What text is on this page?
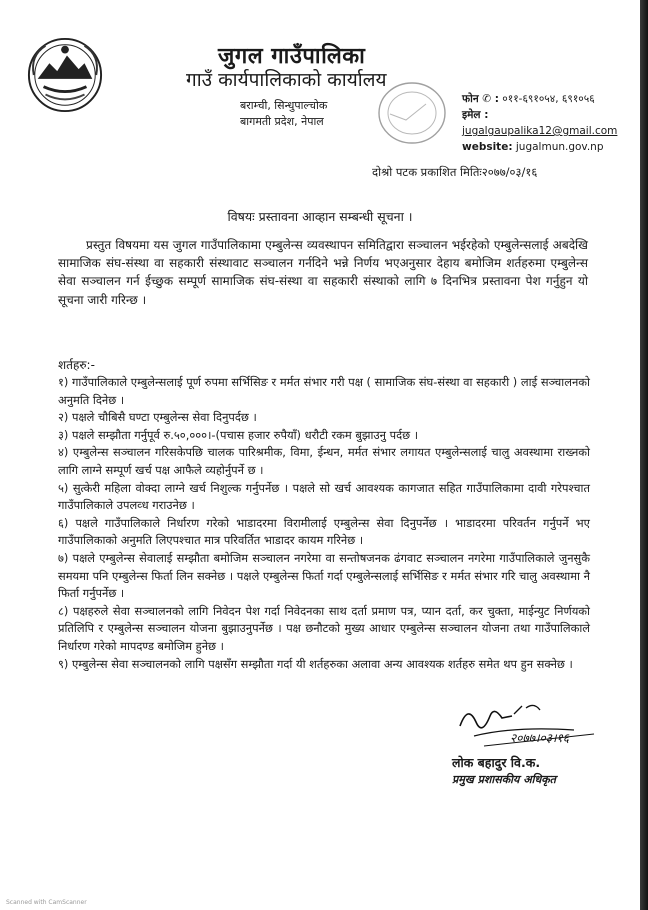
जुगल गाउँपालिका
गाउँ कार्यपालिकाको कार्यालय
बराम्ची, सिन्धुपाल्चोक
बागमती प्रदेश, नेपाल
फोन ✆ : ०११-६९१०५४, ६९१०५६
इमेल : jugalgaupalika12@gmail.com
website: jugalmun.gov.np
दोश्रो पटक प्रकाशित मितिः२०७७/०३/१६
विषयः प्रस्तावना आव्हान सम्बन्धी सूचना ।

प्रस्तुत विषयमा यस जुगल गाउँपालिकामा एम्बुलेन्स व्यवस्थापन समितिद्वारा सञ्चालन भईरहेको एम्बुलेन्सलाई अबदेखि सामाजिक संघ-संस्था वा सहकारी संस्थावाट सञ्चालन गर्नदिने भन्ने निर्णय भएअनुसार देहाय बमोजिम शर्तहरुमा एम्बुलेन्स सेवा सञ्चालन गर्न ईच्छुक सम्पूर्ण सामाजिक संघ-संस्था वा सहकारी संस्थाको लागि ७ दिनभित्र प्रस्तावना पेश गर्नुहुन यो सूचना जारी गरिन्छ ।

शर्तहरु:-

१) गाउँपालिकाले एम्बुलेन्सलाई पूर्ण रुपमा सर्भिसिङ र मर्मत संभार गरी पक्ष ( सामाजिक संघ-संस्था वा सहकारी ) लाई सञ्चालनको अनुमति दिनेछ ।

२) पक्षले चौबिसै घण्टा एम्बुलेन्स सेवा दिनुपर्दछ ।

३) पक्षले सम्झौता गर्नुपूर्व रु.५०,०००।-(पचास हजार रुपैयाँ) धरौटी रकम बुझाउनु पर्दछ ।

४) एम्बुलेन्स सञ्चालन गरिसकेपछि चालक पारिश्रमीक, विमा, ईन्धन, मर्मत संभार लगायत एम्बुलेन्सलाई चालु अवस्थामा राख्नको लागि लाग्ने सम्पूर्ण खर्च पक्ष आफैले व्यहोर्नुपर्ने छ ।

५) सुत्केरी महिला वोक्दा लाग्ने खर्च निशुल्क गर्नुपर्नेछ । पक्षले सो खर्च आवश्यक कागजात सहित गाउँपालिकामा दावी गरेपश्चात गाउँपालिकाले उपलव्ध गराउनेछ ।

६) पक्षले गाउँपालिकाले निर्धारण गरेको भाडादरमा विरामीलाई एम्बुलेन्स सेवा दिनुपर्नेछ । भाडादरमा परिवर्तन गर्नुपर्ने भए गाउँपालिकाको अनुमति लिएपश्चात मात्र परिवर्तित भाडादर कायम गरिनेछ ।

७) पक्षले एम्बुलेन्स सेवालाई सम्झौता बमोजिम सञ्चालन नगरेमा वा सन्तोषजनक ढंगवाट सञ्चालन नगरेमा गाउँपालिकाले जुनसुकै समयमा पनि एम्बुलेन्स फिर्ता लिन सक्नेछ । पक्षले एम्बुलेन्स फिर्ता गर्दा एम्बुलेन्सलाई सर्भिसिङ र मर्मत संभार गरि चालु अवस्थामा नै फिर्ता गर्नुपर्नेछ ।

८) पक्षहरुले सेवा सञ्चालनको लागि निवेदन पेश गर्दा निवेदनका साथ दर्ता प्रमाण पत्र, प्यान दर्ता, कर चुक्ता, माईन्युट निर्णयको प्रतिलिपि र एम्बुलेन्स सञ्चालन योजना बुझाउनुपर्नेछ । पक्ष छनौटको मुख्य आधार एम्बुलेन्स सञ्चालन योजना तथा गाउँपालिकाले निर्धारण गरेको मापदण्ड बमोजिम हुनेछ ।

९) एम्बुलेन्स सेवा सञ्चालनको लागि पक्षसँग सम्झौता गर्दा यी शर्तहरुका अलावा अन्य आवश्यक शर्तहरु समेत थप हुन सक्नेछ ।

२०७७।०३।१६
लोक बहादुर वि.क.
प्रमुख प्रशासकीय अधिकृत
Scanned with CamScanner
